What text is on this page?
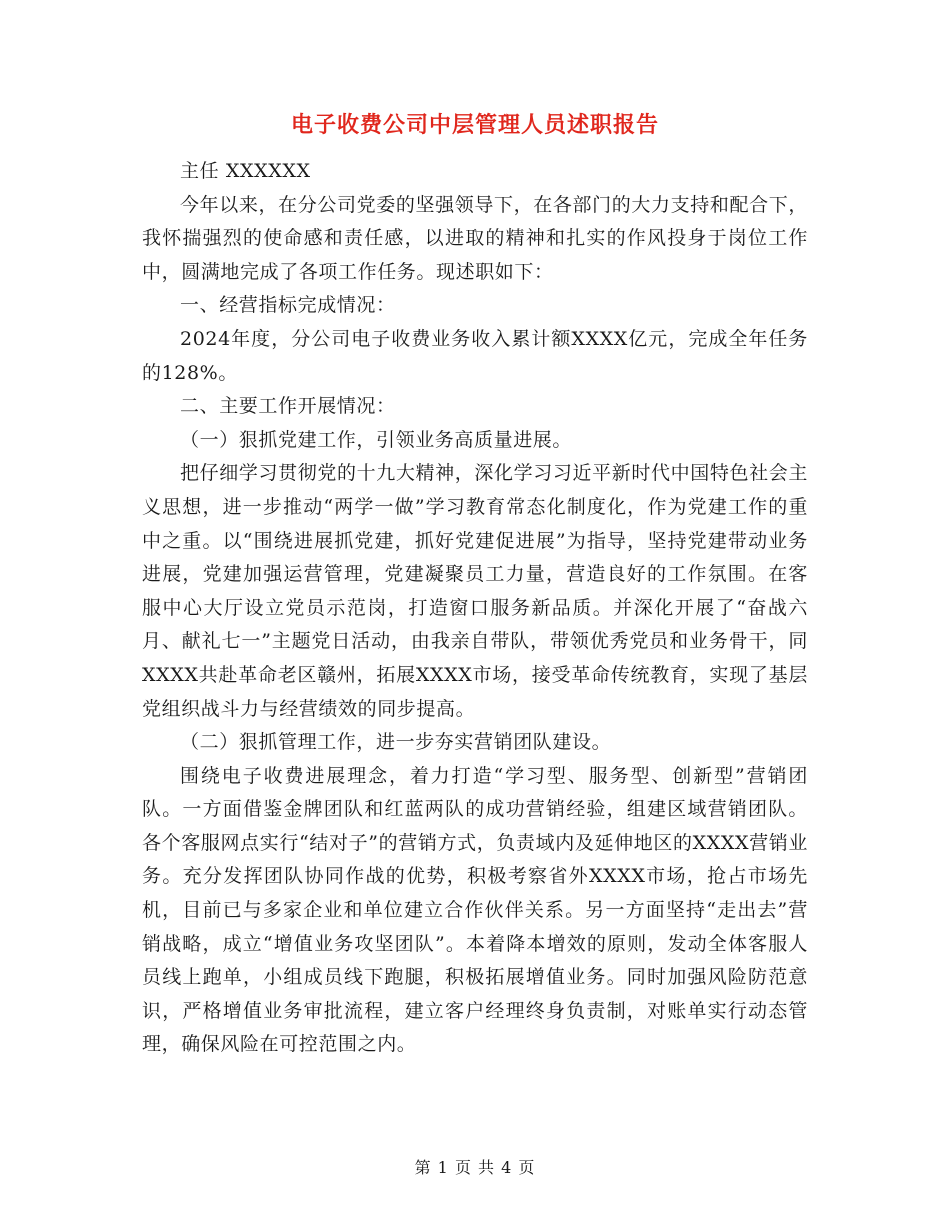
电子收费公司中层管理人员述职报告

主任 XXXXXX

今年以来，在分公司党委的坚强领导下，在各部门的大力支持和配合下，我怀揣强烈的使命感和责任感，以进取的精神和扎实的作风投身于岗位工作中，圆满地完成了各项工作任务。现述职如下：

一、经营指标完成情况：

2024年度，分公司电子收费业务收入累计额XXXX亿元，完成全年任务的128%。

二、主要工作开展情况：

（一）狠抓党建工作，引领业务高质量进展。

把仔细学习贯彻党的十九大精神，深化学习习近平新时代中国特色社会主义思想，进一步推动“两学一做”学习教育常态化制度化，作为党建工作的重中之重。以“围绕进展抓党建，抓好党建促进展”为指导，坚持党建带动业务进展，党建加强运营管理，党建凝聚员工力量，营造良好的工作氛围。在客服中心大厅设立党员示范岗，打造窗口服务新品质。并深化开展了“奋战六月、献礼七一”主题党日活动，由我亲自带队，带领优秀党员和业务骨干，同XXXX共赴革命老区赣州，拓展XXXX市场，接受革命传统教育，实现了基层党组织战斗力与经营绩效的同步提高。

（二）狠抓管理工作，进一步夯实营销团队建设。

围绕电子收费进展理念，着力打造“学习型、服务型、创新型”营销团队。一方面借鉴金牌团队和红蓝两队的成功营销经验，组建区域营销团队。各个客服网点实行“结对子”的营销方式，负责域内及延伸地区的XXXX营销业务。充分发挥团队协同作战的优势，积极考察省外XXXX市场，抢占市场先机，目前已与多家企业和单位建立合作伙伴关系。另一方面坚持“走出去”营销战略，成立“增值业务攻坚团队”。本着降本增效的原则，发动全体客服人员线上跑单，小组成员线下跑腿，积极拓展增值业务。同时加强风险防范意识，严格增值业务审批流程，建立客户经理终身负责制，对账单实行动态管理，确保风险在可控范围之内。

第 1 页 共 4 页
